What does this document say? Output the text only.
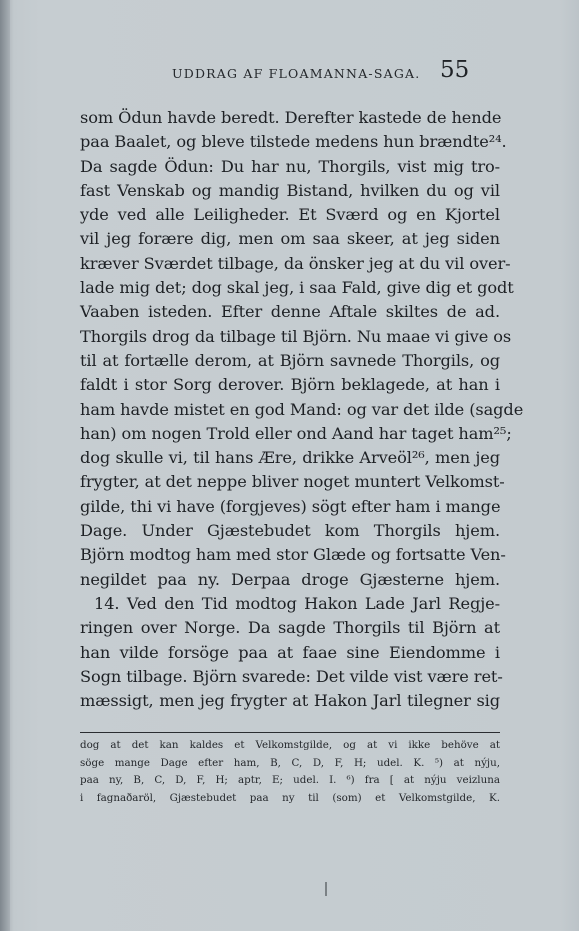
UDDRAG AF FLOAMANNA-SAGA. 55
som Ödun havde beredt. Derefter kastede de hende
paa Baalet, og bleve tilstede medens hun brændte²⁴.
Da sagde Ödun: Du har nu, Thorgils, vist mig tro-
fast Venskab og mandig Bistand, hvilken du og vil
yde ved alle Leiligheder. Et Sværd og en Kjortel
vil jeg forære dig, men om saa skeer, at jeg siden
kræver Sværdet tilbage, da önsker jeg at du vil over-
lade mig det; dog skal jeg, i saa Fald, give dig et godt
Vaaben isteden. Efter denne Aftale skiltes de ad.
Thorgils drog da tilbage til Björn. Nu maae vi give os
til at fortælle derom, at Björn savnede Thorgils, og
faldt i stor Sorg derover. Björn beklagede, at han i
ham havde mistet en god Mand: og var det ilde (sagde
han) om nogen Trold eller ond Aand har taget ham²⁵;
dog skulle vi, til hans Ære, drikke Arveöl²⁶, men jeg
frygter, at det neppe bliver noget muntert Velkomst-
gilde, thi vi have (forgjeves) sögt efter ham i mange
Dage. Under Gjæstebudet kom Thorgils hjem.
Björn modtog ham med stor Glæde og fortsatte Ven-
negildet paa ny. Derpaa droge Gjæsterne hjem.
14. Ved den Tid modtog Hakon Lade Jarl Regje-
ringen over Norge. Da sagde Thorgils til Björn at
han vilde forsöge paa at faae sine Eiendomme i
Sogn tilbage. Björn svarede: Det vilde vist være ret-
mæssigt, men jeg frygter at Hakon Jarl tilegner sig
dog at det kan kaldes et Velkomstgilde, og at vi ikke behöve at
söge mange Dage efter ham, B, C, D, F, H; udel. K. ⁵) at nýju,
paa ny, B, C, D, F, H; aptr, E; udel. I. ⁶) fra [ at nýju veizluna
i fagnaðaröl, Gjæstebudet paa ny til (som) et Velkomstgilde, K.
